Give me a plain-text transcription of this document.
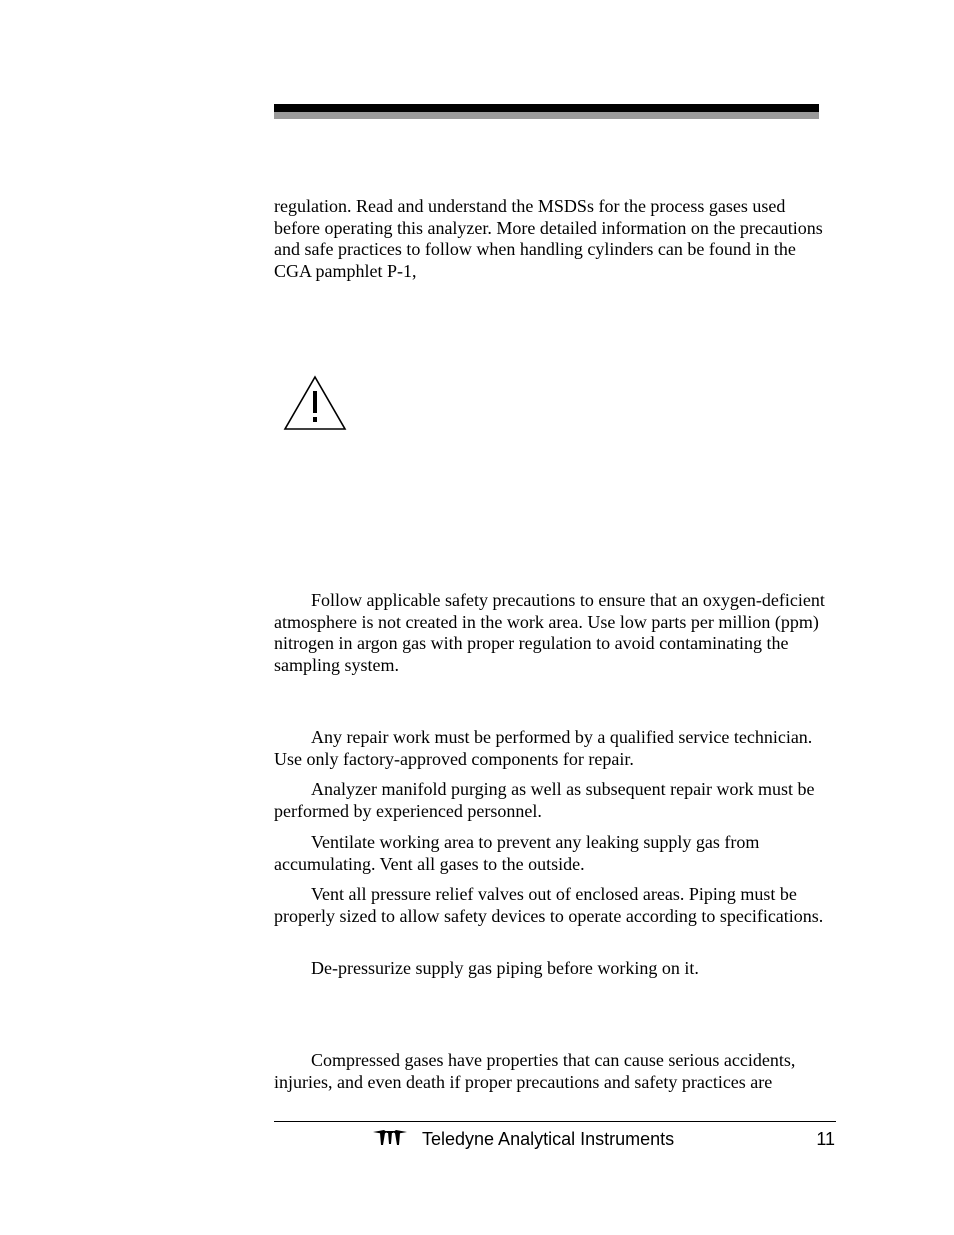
regulation. Read and understand the MSDSs for the process gases used before operating this analyzer. More detailed information on the precautions and safe practices to follow when handling cylinders can be found in the CGA pamphlet P-1,

Follow applicable safety precautions to ensure that an oxygen-deficient atmosphere is not created in the work area. Use low parts per million (ppm) nitrogen in argon gas with proper regulation to avoid contaminating the sampling system.

Any repair work must be performed by a qualified service technician. Use only factory-approved components for repair.

Analyzer manifold purging as well as subsequent repair work must be performed by experienced personnel.

Ventilate working area to prevent any leaking supply gas from accumulating. Vent all gases to the outside.

Vent all pressure relief valves out of enclosed areas. Piping must be properly sized to allow safety devices to operate according to specifications.

De-pressurize supply gas piping before working on it.

Compressed gases have properties that can cause serious accidents, injuries, and even death if proper precautions and safety practices are

Teledyne Analytical Instruments	11
